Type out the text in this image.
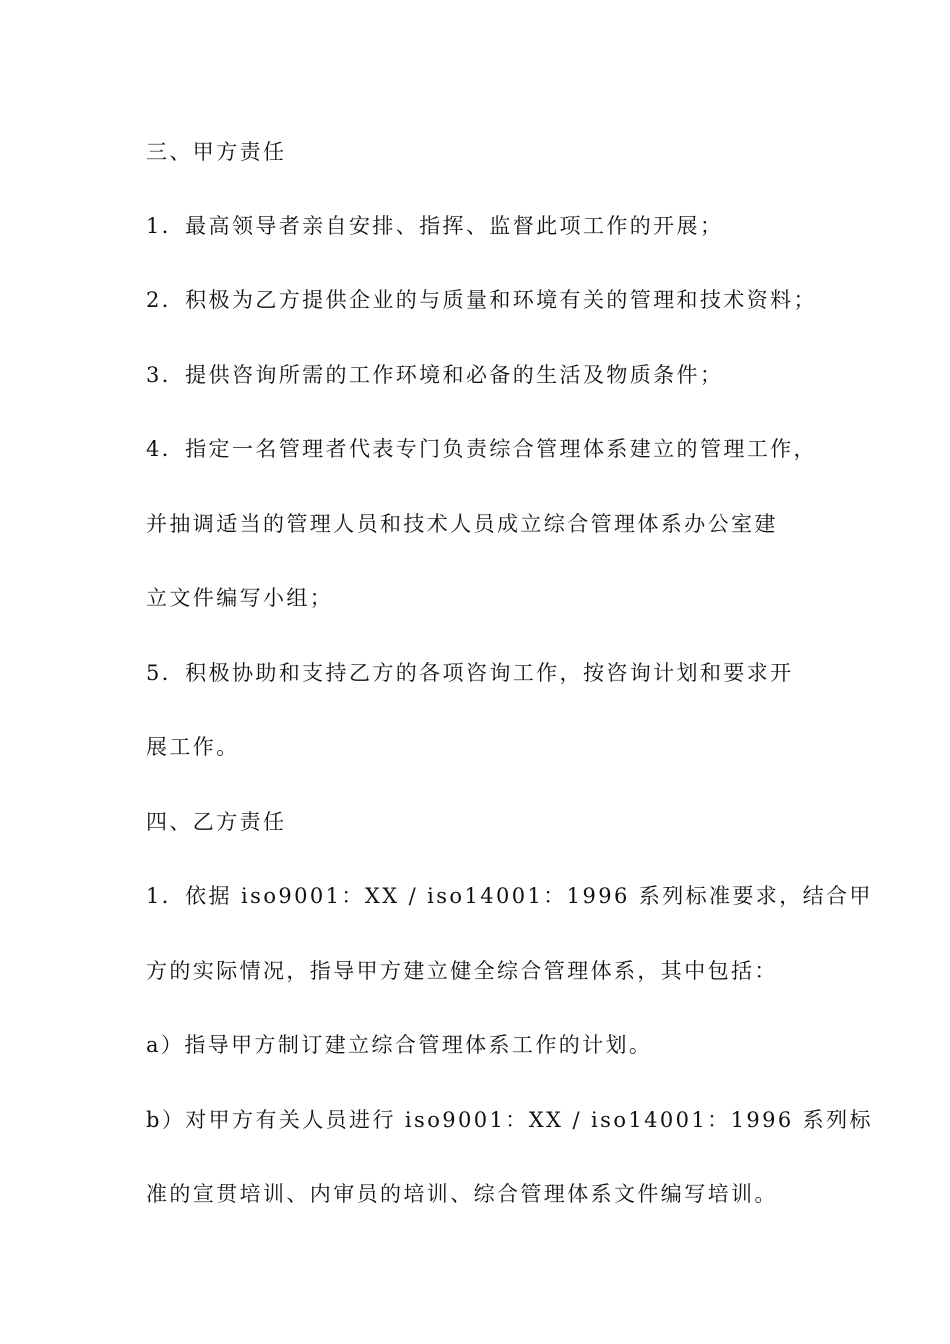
三、甲方责任
1．最高领导者亲自安排、指挥、监督此项工作的开展；
2．积极为乙方提供企业的与质量和环境有关的管理和技术资料；
3．提供咨询所需的工作环境和必备的生活及物质条件；
4．指定一名管理者代表专门负责综合管理体系建立的管理工作，
并抽调适当的管理人员和技术人员成立综合管理体系办公室建
立文件编写小组；
5．积极协助和支持乙方的各项咨询工作，按咨询计划和要求开
展工作。
四、乙方责任
1．依据 iso9001：XX / iso14001：1996 系列标准要求，结合甲
方的实际情况，指导甲方建立健全综合管理体系，其中包括：
a）指导甲方制订建立综合管理体系工作的计划。
b）对甲方有关人员进行 iso9001：XX / iso14001：1996 系列标
准的宣贯培训、内审员的培训、综合管理体系文件编写培训。
